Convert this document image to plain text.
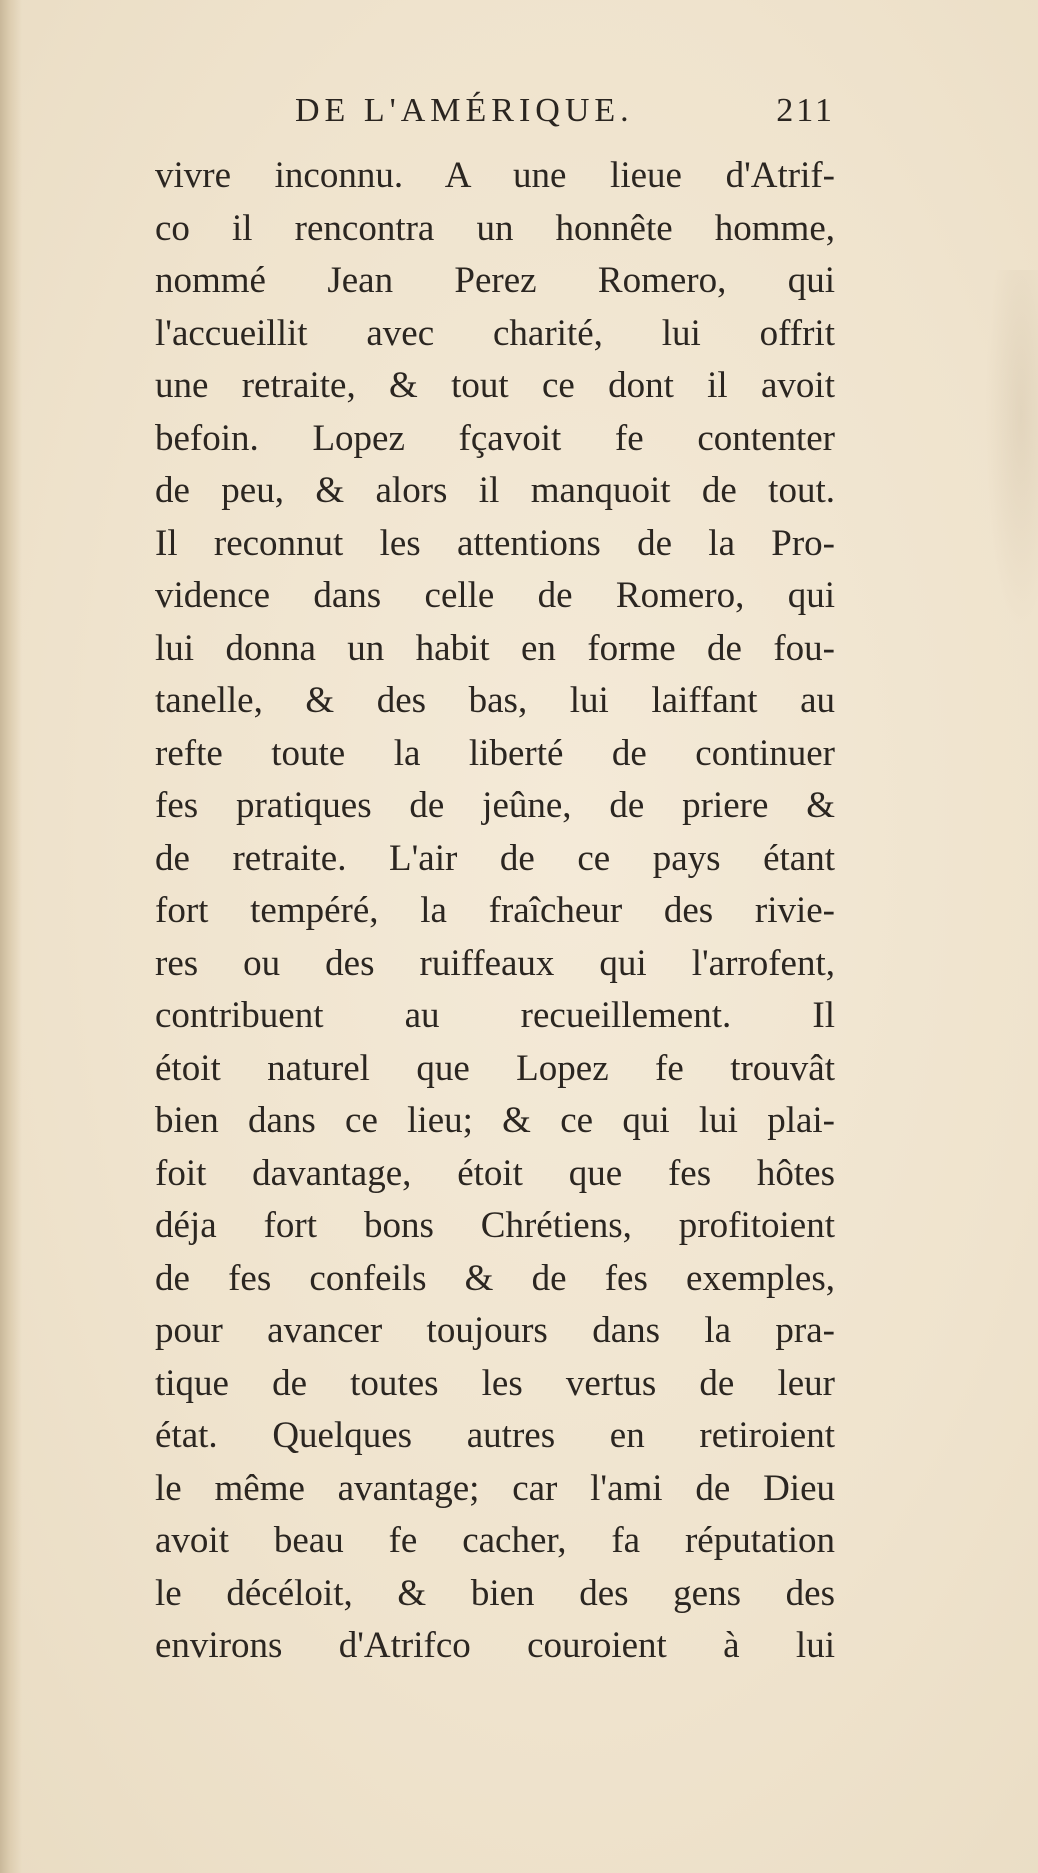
DE L'AMÉRIQUE.	211
vivre inconnu. A une lieue d'Atrif-
co il rencontra un honnête homme,
nommé Jean Perez Romero, qui
l'accueillit avec charité, lui offrit
une retraite, & tout ce dont il avoit
befoin. Lopez fçavoit fe contenter
de peu, & alors il manquoit de tout.
Il reconnut les attentions de la Pro-
vidence dans celle de Romero, qui
lui donna un habit en forme de fou-
tanelle, & des bas, lui laiffant au
refte toute la liberté de continuer
fes pratiques de jeûne, de priere &
de retraite. L'air de ce pays étant
fort tempéré, la fraîcheur des rivie-
res ou des ruiffeaux qui l'arrofent,
contribuent au recueillement. Il
étoit naturel que Lopez fe trouvât
bien dans ce lieu; & ce qui lui plai-
foit davantage, étoit que fes hôtes
déja fort bons Chrétiens, profitoient
de fes confeils & de fes exemples,
pour avancer toujours dans la pra-
tique de toutes les vertus de leur
état. Quelques autres en retiroient
le même avantage; car l'ami de Dieu
avoit beau fe cacher, fa réputation
le décéloit, & bien des gens des
environs d'Atrifco couroient à lui
